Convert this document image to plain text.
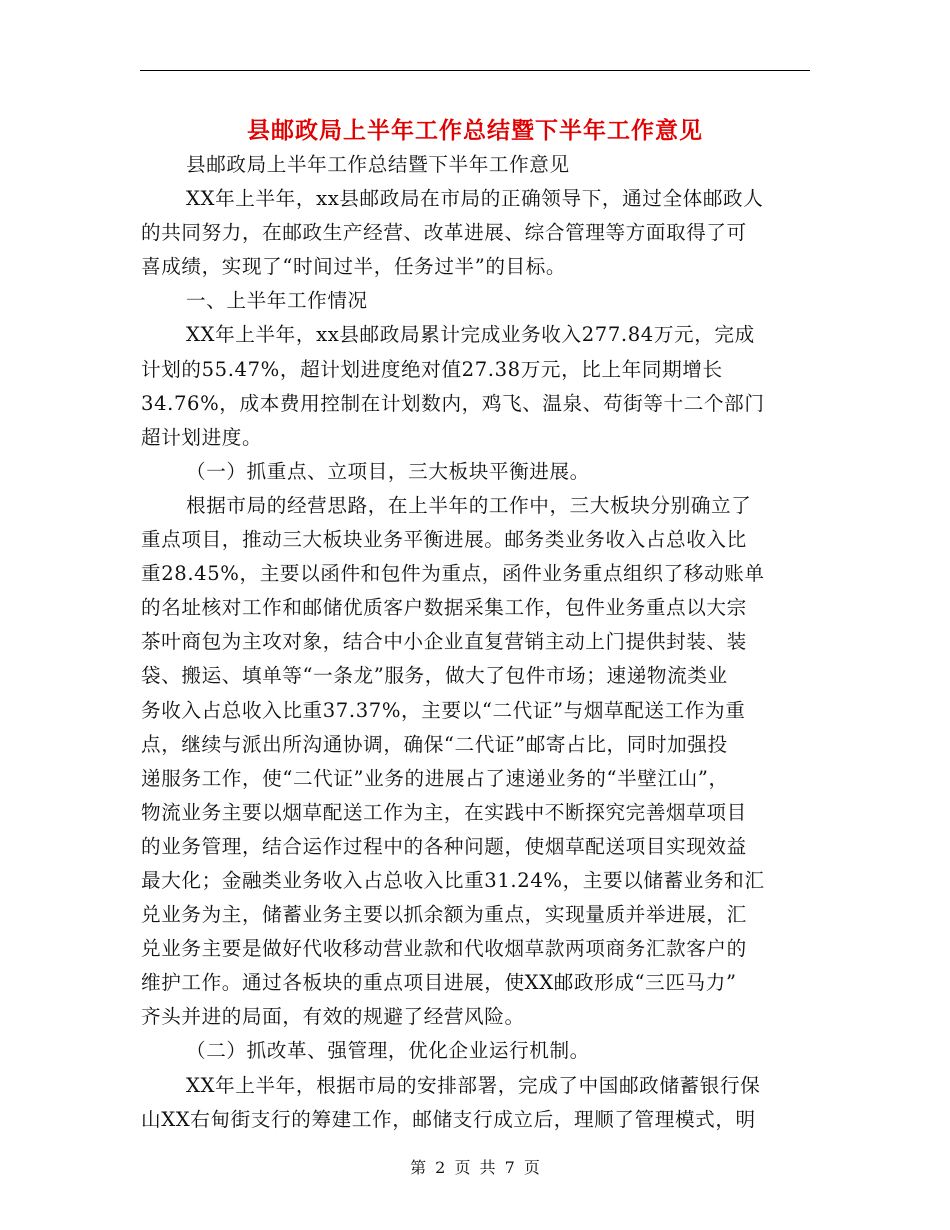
县邮政局上半年工作总结暨下半年工作意见
县邮政局上半年工作总结暨下半年工作意见
XX年上半年，xx县邮政局在市局的正确领导下，通过全体邮政人
的共同努力，在邮政生产经营、改革进展、综合管理等方面取得了可
喜成绩，实现了“时间过半，任务过半”的目标。
一、上半年工作情况
XX年上半年，xx县邮政局累计完成业务收入277.84万元，完成
计划的55.47%，超计划进度绝对值27.38万元，比上年同期增长
34.76%，成本费用控制在计划数内，鸡飞、温泉、苟街等十二个部门
超计划进度。
（一）抓重点、立项目，三大板块平衡进展。
根据市局的经营思路，在上半年的工作中，三大板块分别确立了
重点项目，推动三大板块业务平衡进展。邮务类业务收入占总收入比
重28.45%，主要以函件和包件为重点，函件业务重点组织了移动账单
的名址核对工作和邮储优质客户数据采集工作，包件业务重点以大宗
茶叶商包为主攻对象，结合中小企业直复营销主动上门提供封装、装
袋、搬运、填单等“一条龙”服务，做大了包件市场；速递物流类业
务收入占总收入比重37.37%，主要以“二代证”与烟草配送工作为重
点，继续与派出所沟通协调，确保“二代证”邮寄占比，同时加强投
递服务工作，使“二代证”业务的进展占了速递业务的“半壁江山”，
物流业务主要以烟草配送工作为主，在实践中不断探究完善烟草项目
的业务管理，结合运作过程中的各种问题，使烟草配送项目实现效益
最大化；金融类业务收入占总收入比重31.24%，主要以储蓄业务和汇
兑业务为主，储蓄业务主要以抓余额为重点，实现量质并举进展，汇
兑业务主要是做好代收移动营业款和代收烟草款两项商务汇款客户的
维护工作。通过各板块的重点项目进展，使XX邮政形成“三匹马力”
齐头并进的局面，有效的规避了经营风险。
（二）抓改革、强管理，优化企业运行机制。
XX年上半年，根据市局的安排部署，完成了中国邮政储蓄银行保
山XX右甸街支行的筹建工作，邮储支行成立后，理顺了管理模式，明
第 2 页 共 7 页
